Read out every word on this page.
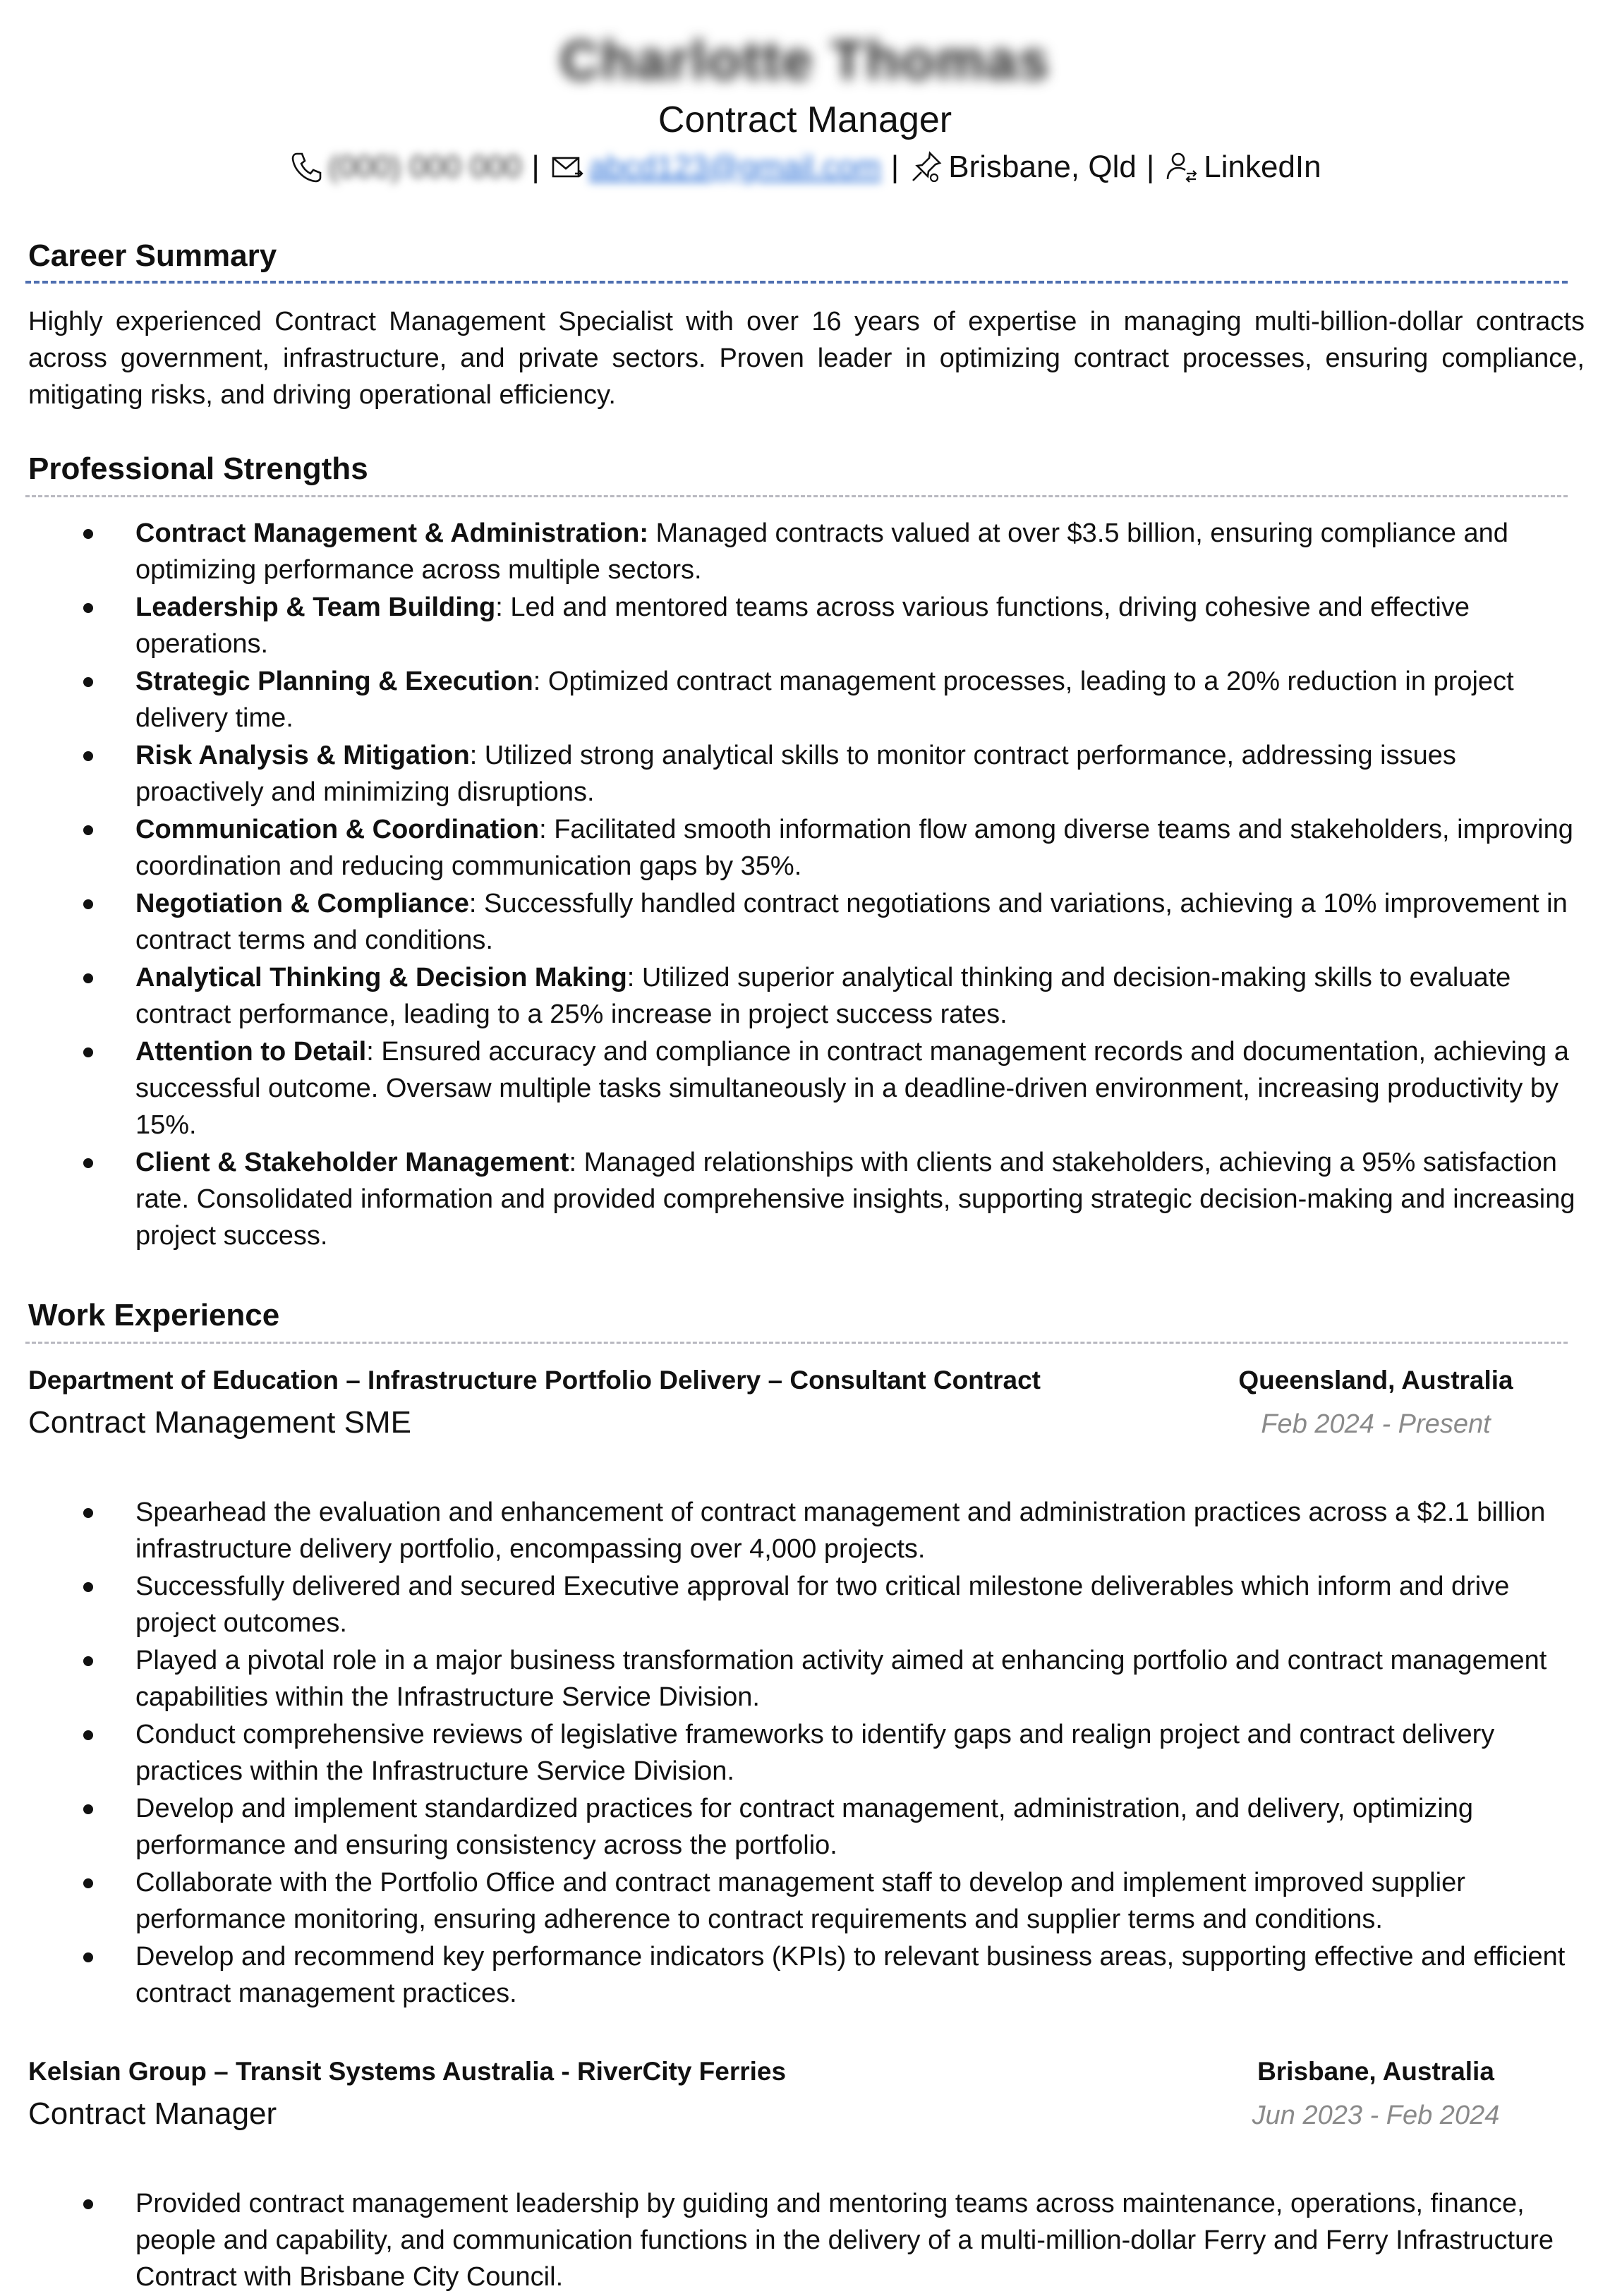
Charlotte Thomas
Contract Manager
(000) 000 000 | abcd123@gmail.com | Brisbane, Qld | LinkedIn
Career Summary
Highly experienced Contract Management Specialist with over 16 years of expertise in managing multi-billion-dollar contracts across government, infrastructure, and private sectors. Proven leader in optimizing contract processes, ensuring compliance, mitigating risks, and driving operational efficiency.
Professional Strengths
Contract Management & Administration: Managed contracts valued at over $3.5 billion, ensuring compliance and optimizing performance across multiple sectors.
Leadership & Team Building: Led and mentored teams across various functions, driving cohesive and effective operations.
Strategic Planning & Execution: Optimized contract management processes, leading to a 20% reduction in project delivery time.
Risk Analysis & Mitigation: Utilized strong analytical skills to monitor contract performance, addressing issues proactively and minimizing disruptions.
Communication & Coordination: Facilitated smooth information flow among diverse teams and stakeholders, improving coordination and reducing communication gaps by 35%.
Negotiation & Compliance: Successfully handled contract negotiations and variations, achieving a 10% improvement in contract terms and conditions.
Analytical Thinking & Decision Making: Utilized superior analytical thinking and decision-making skills to evaluate contract performance, leading to a 25% increase in project success rates.
Attention to Detail: Ensured accuracy and compliance in contract management records and documentation, achieving a successful outcome. Oversaw multiple tasks simultaneously in a deadline-driven environment, increasing productivity by 15%.
Client & Stakeholder Management: Managed relationships with clients and stakeholders, achieving a 95% satisfaction rate. Consolidated information and provided comprehensive insights, supporting strategic decision-making and increasing project success.
Work Experience
Department of Education – Infrastructure Portfolio Delivery – Consultant Contract	Queensland, Australia
Contract Management SME	Feb 2024 - Present
Spearhead the evaluation and enhancement of contract management and administration practices across a $2.1 billion infrastructure delivery portfolio, encompassing over 4,000 projects.
Successfully delivered and secured Executive approval for two critical milestone deliverables which inform and drive project outcomes.
Played a pivotal role in a major business transformation activity aimed at enhancing portfolio and contract management capabilities within the Infrastructure Service Division.
Conduct comprehensive reviews of legislative frameworks to identify gaps and realign project and contract delivery practices within the Infrastructure Service Division.
Develop and implement standardized practices for contract management, administration, and delivery, optimizing performance and ensuring consistency across the portfolio.
Collaborate with the Portfolio Office and contract management staff to develop and implement improved supplier performance monitoring, ensuring adherence to contract requirements and supplier terms and conditions.
Develop and recommend key performance indicators (KPIs) to relevant business areas, supporting effective and efficient contract management practices.
Kelsian Group – Transit Systems Australia - RiverCity Ferries	Brisbane, Australia
Contract Manager	Jun 2023 - Feb 2024
Provided contract management leadership by guiding and mentoring teams across maintenance, operations, finance, people and capability, and communication functions in the delivery of a multi-million-dollar Ferry and Ferry Infrastructure Contract with Brisbane City Council.
